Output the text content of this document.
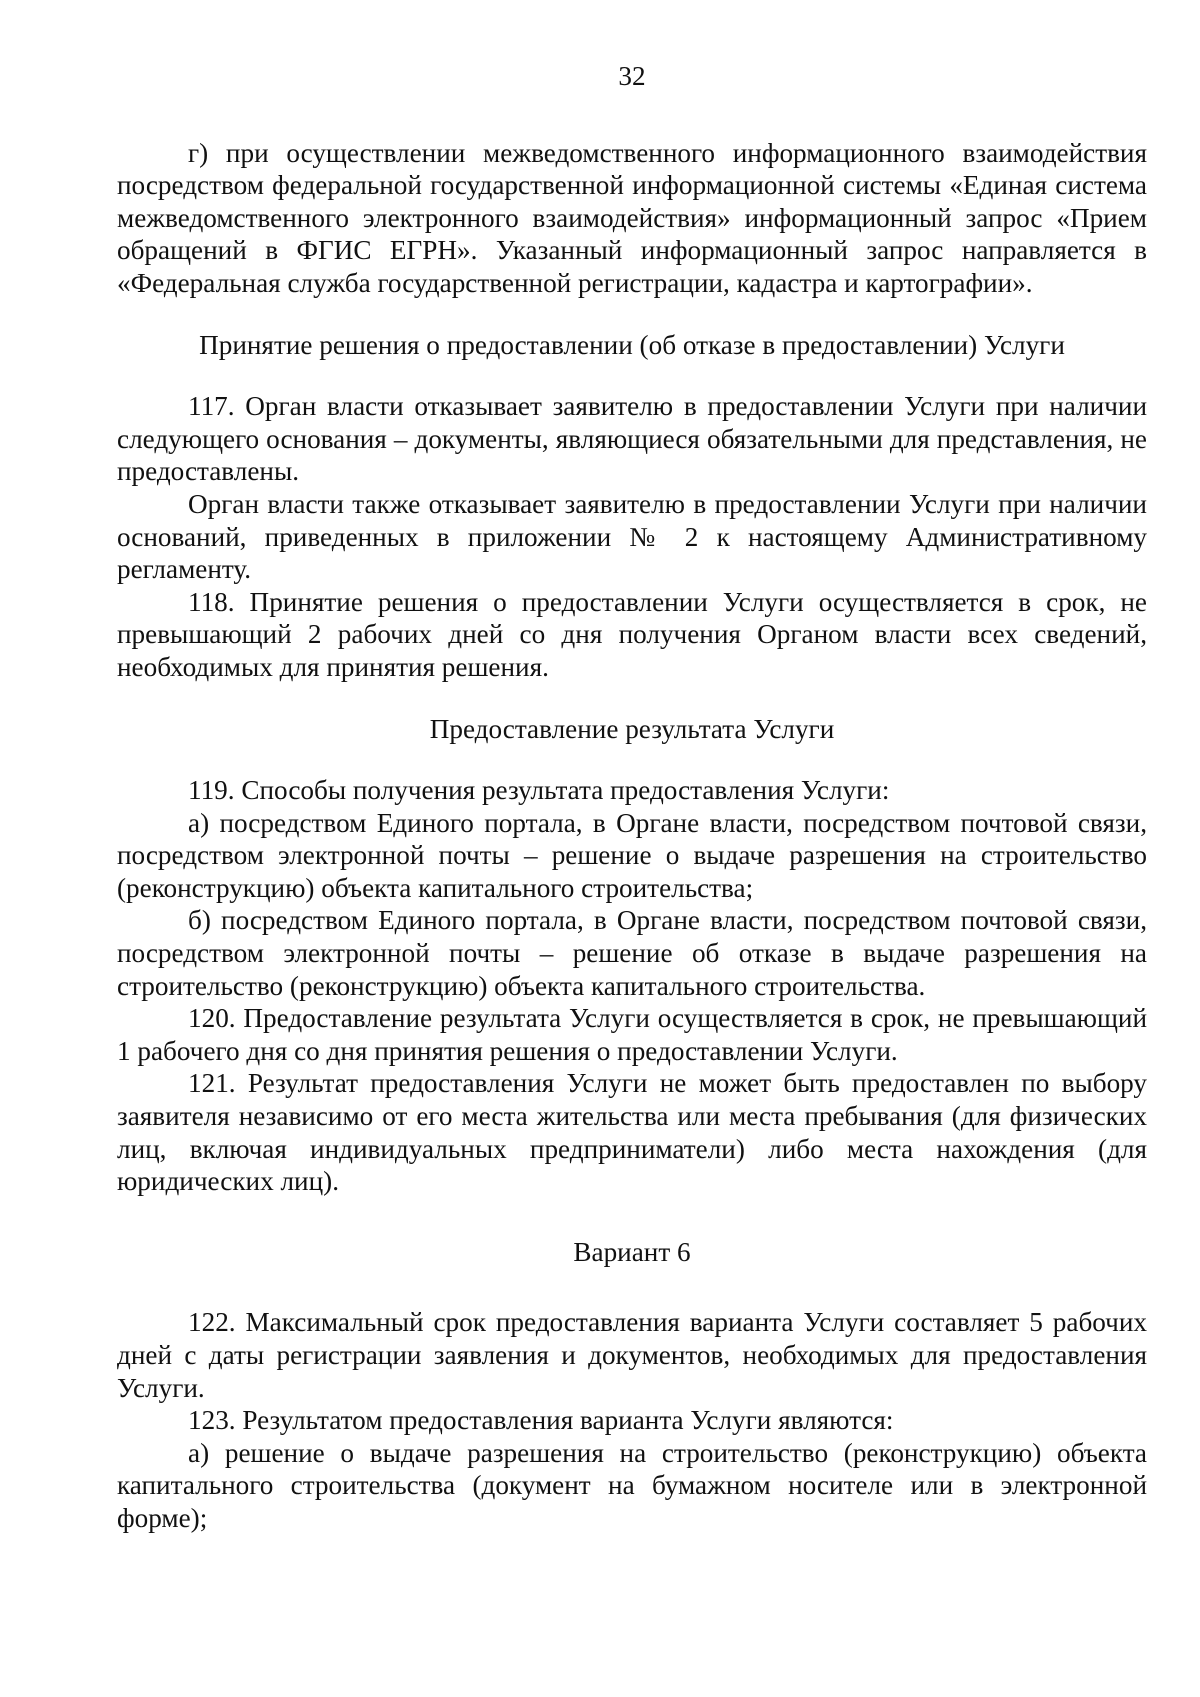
32

г) при осуществлении межведомственного информационного взаимодействия посредством федеральной государственной информационной системы «Единая система межведомственного электронного взаимодействия» информационный запрос «Прием обращений в ФГИС ЕГРН». Указанный информационный запрос направляется в «Федеральная служба государственной регистрации, кадастра и картографии».

Принятие решения о предоставлении (об отказе в предоставлении) Услуги

117. Орган власти отказывает заявителю в предоставлении Услуги при наличии следующего основания – документы, являющиеся обязательными для представления, не предоставлены.

Орган власти также отказывает заявителю в предоставлении Услуги при наличии оснований, приведенных в приложении № 2 к настоящему Административному регламенту.

118. Принятие решения о предоставлении Услуги осуществляется в срок, не превышающий 2 рабочих дней со дня получения Органом власти всех сведений, необходимых для принятия решения.

Предоставление результата Услуги

119. Способы получения результата предоставления Услуги:

а) посредством Единого портала, в Органе власти, посредством почтовой связи, посредством электронной почты – решение о выдаче разрешения на строительство (реконструкцию) объекта капитального строительства;

б) посредством Единого портала, в Органе власти, посредством почтовой связи, посредством электронной почты – решение об отказе в выдаче разрешения на строительство (реконструкцию) объекта капитального строительства.

120. Предоставление результата Услуги осуществляется в срок, не превышающий 1 рабочего дня со дня принятия решения о предоставлении Услуги.

121. Результат предоставления Услуги не может быть предоставлен по выбору заявителя независимо от его места жительства или места пребывания (для физических лиц, включая индивидуальных предприниматели) либо места нахождения (для юридических лиц).

Вариант 6

122. Максимальный срок предоставления варианта Услуги составляет 5 рабочих дней с даты регистрации заявления и документов, необходимых для предоставления Услуги.

123. Результатом предоставления варианта Услуги являются:

а) решение о выдаче разрешения на строительство (реконструкцию) объекта капитального строительства (документ на бумажном носителе или в электронной форме);
